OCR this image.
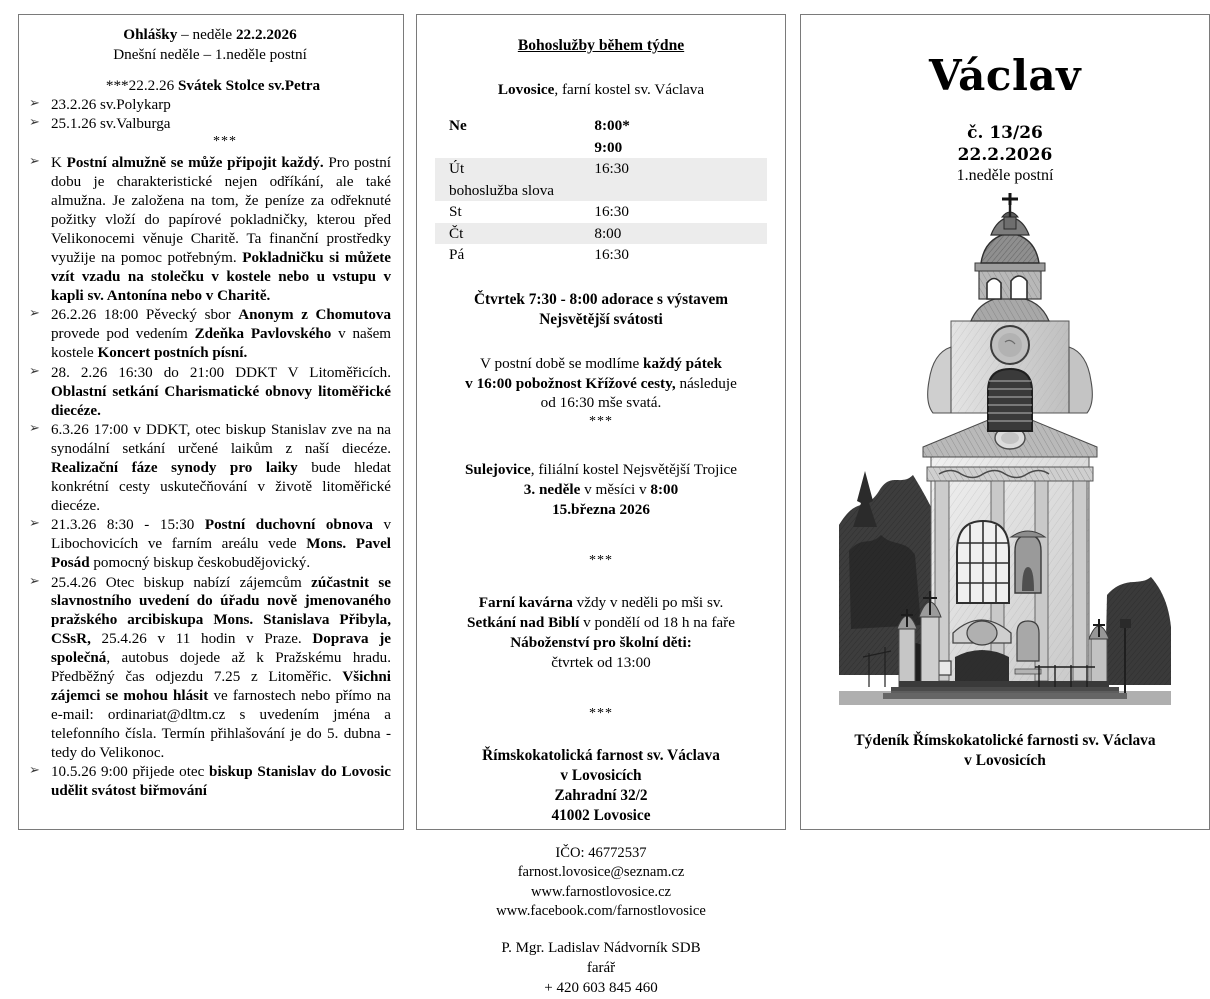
Ohlášky – neděle 22.2.2026
Dnešní neděle – 1.neděle postní
***22.2.26 Svátek Stolce sv.Petra
➢ 23.2.26 sv.Polykarp
➢ 25.1.26 sv.Valburga
***
➢ K Postní almužně se může připojit každý. Pro postní dobu je charakteristické nejen odříkání, ale také almužna. Je založena na tom, že peníze za odřeknuté požitky vloží do papírové pokladničky, kterou před Velikonocemi věnuje Charitě. Ta finanční prostředky využije na pomoc potřebným. Pokladničku si můžete vzít vzadu na stolečku v kostele nebo u vstupu v kapli sv. Antonína nebo v Charitě.
➢ 26.2.26 18:00 Pěvecký sbor Anonym z Chomutova provede pod vedením Zdeňka Pavlovského v našem kostele Koncert postních písní.
➢ 28. 2.26 16:30 do 21:00 DDKT V Litoměřicích. Oblastní setkání Charismatické obnovy litoměřické diecéze.
➢ 6.3.26 17:00 v DDKT, otec biskup Stanislav zve na na synodální setkání určené laikům z naší diecéze. Realizační fáze synody pro laiky bude hledat konkrétní cesty uskutečňování v životě litoměřické diecéze.
➢ 21.3.26 8:30 - 15:30 Postní duchovní obnova v Libochovicích ve farním areálu vede Mons. Pavel Posád pomocný biskup českobudějovický.
➢ 25.4.26 Otec biskup nabízí zájemcům zúčastnit se slavnostního uvedení do úřadu nově jmenovaného pražského arcibiskupa Mons. Stanislava Přibyla, CSsR, 25.4.26 v 11 hodin v Praze. Doprava je společná, autobus dojede až k Pražskému hradu. Předběžný čas odjezdu 7.25 z Litoměřic. Všichni zájemci se mohou hlásit ve farnostech nebo přímo na e-mail: ordinariat@dltm.cz s uvedením jména a telefonního čísla. Termín přihlašování je do 5. dubna - tedy do Velikonoc.
➢ 10.5.26 9:00 přijede otec biskup Stanislav do Lovosic udělit svátost biřmování
Bohoslužby během týdne
Lovosice, farní kostel sv. Václava
Ne	8:00*
	9:00
Út	16:30
bohoslužba slova	
St	16:30
Čt	8:00
Pá	16:30
Čtvrtek 7:30 - 8:00 adorace s výstavem
Nejsvětější svátosti
V postní době se modlíme každý pátek
v 16:00 pobožnost Křížové cesty, následuje
od 16:30 mše svatá.
***
Sulejovice, filiální kostel Nejsvětější Trojice
3. neděle v měsíci v 8:00
15.března 2026
***
Farní kavárna vždy v neděli po mši sv.
Setkání nad Biblí v pondělí od 18 h na faře
Náboženství pro školní děti:
čtvrtek od 13:00
***
Římskokatolická farnost sv. Václava
v Lovosicích
Zahradní 32/2
41002 Lovosice
IČO: 46772537
farnost.lovosice@seznam.cz
www.farnostlovosice.cz
www.facebook.com/farnostlovosice
P. Mgr. Ladislav Nádvorník SDB
farář
+ 420 603 845 460
Václav
č. 13/26
22.2.2026
1.neděle postní
Týdeník Římskokatolické farnosti sv. Václava
v Lovosicích
